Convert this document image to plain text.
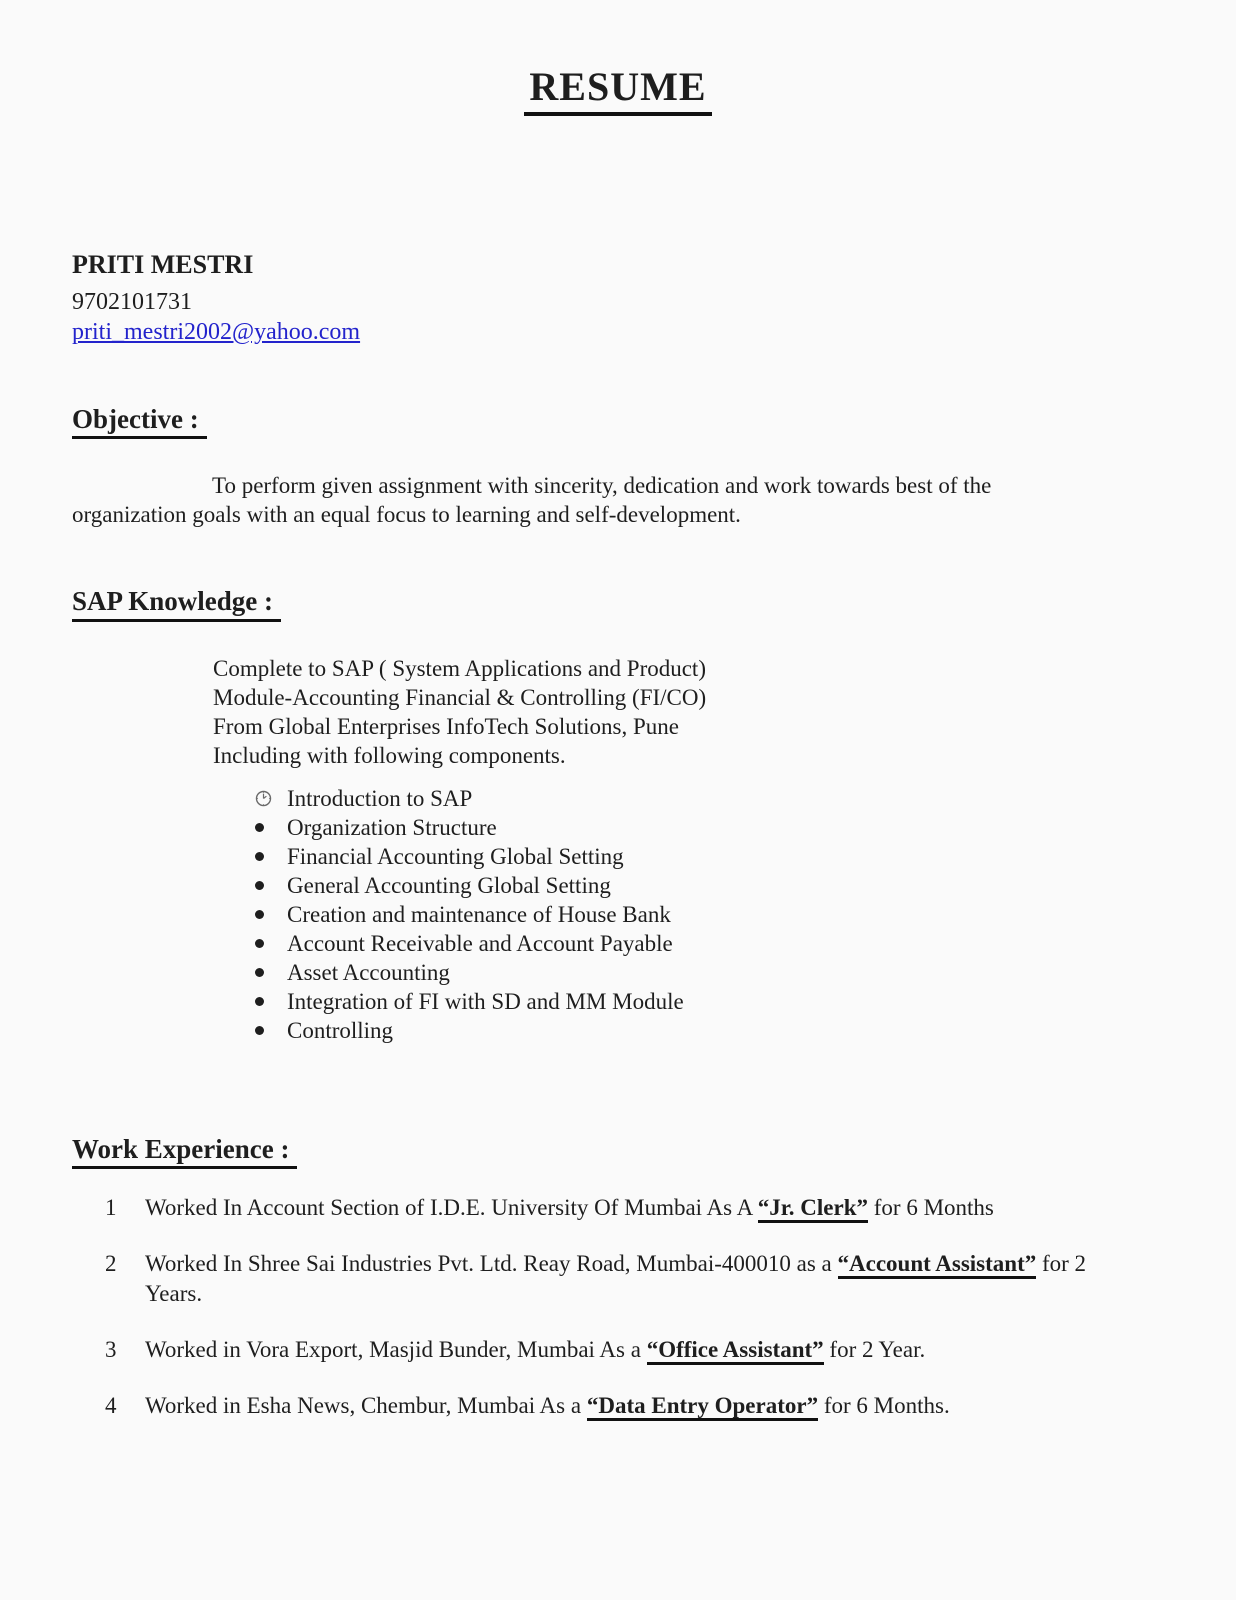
RESUME
PRITI MESTRI
9702101731
priti_mestri2002@yahoo.com
Objective :

To perform given assignment with sincerity, dedication and work towards best of the organization goals with an equal focus to learning and self-development.

SAP Knowledge :
Complete to SAP ( System Applications and Product)
Module-Accounting Financial & Controlling (FI/CO)
From Global Enterprises InfoTech Solutions, Pune
Including with following components.
Introduction to SAP
Organization Structure
Financial Accounting Global Setting
General Accounting Global Setting
Creation and maintenance of House Bank
Account Receivable and Account Payable
Asset Accounting
Integration of FI with SD and MM Module
Controlling
Work Experience :
1	Worked In Account Section of I.D.E. University Of Mumbai As A “Jr. Clerk” for 6 Months
2	Worked In Shree Sai Industries Pvt. Ltd. Reay Road, Mumbai-400010 as a “Account Assistant” for 2 Years.
3	Worked in Vora Export, Masjid Bunder, Mumbai As a “Office Assistant” for 2 Year.
4	Worked in Esha News, Chembur, Mumbai As a “Data Entry Operator” for 6 Months.
